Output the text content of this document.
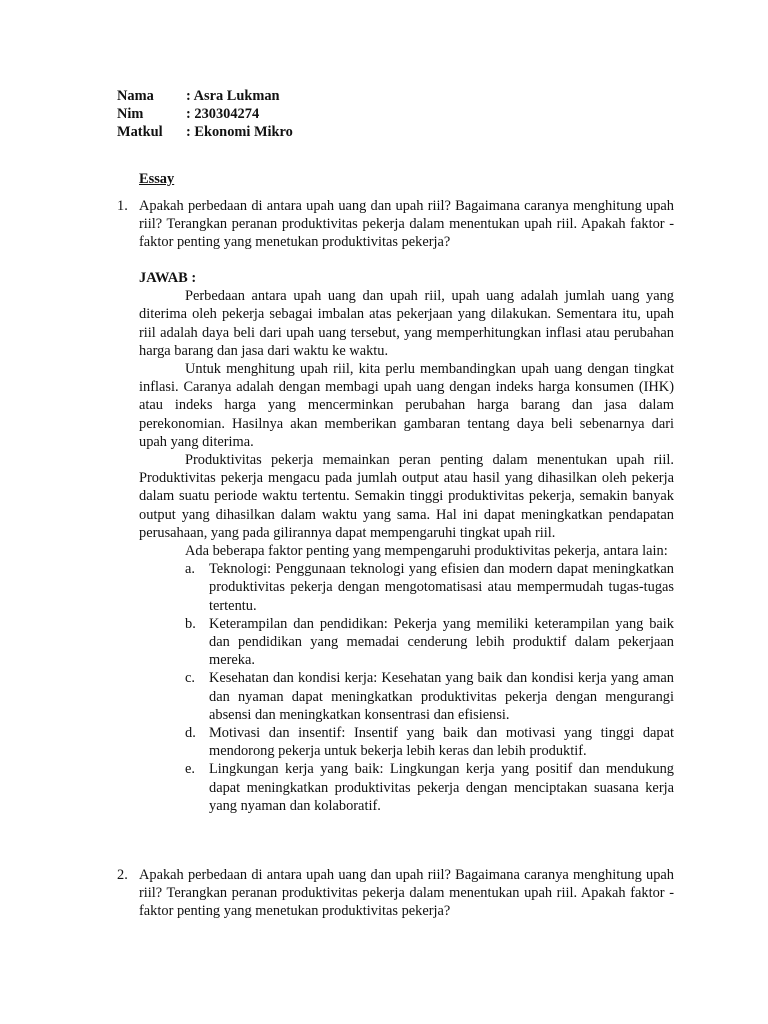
Nama	: Asra Lukman
Nim	: 230304274
Matkul	: Ekonomi Mikro
Essay
1. Apakah perbedaan di antara upah uang dan upah riil? Bagaimana caranya menghitung upah riil? Terangkan peranan produktivitas pekerja dalam menentukan upah riil. Apakah faktor - faktor penting yang menetukan produktivitas pekerja?
JAWAB :

Perbedaan antara upah uang dan upah riil, upah uang adalah jumlah uang yang diterima oleh pekerja sebagai imbalan atas pekerjaan yang dilakukan. Sementara itu, upah riil adalah daya beli dari upah uang tersebut, yang memperhitungkan inflasi atau perubahan harga barang dan jasa dari waktu ke waktu.

Untuk menghitung upah riil, kita perlu membandingkan upah uang dengan tingkat inflasi. Caranya adalah dengan membagi upah uang dengan indeks harga konsumen (IHK) atau indeks harga yang mencerminkan perubahan harga barang dan jasa dalam perekonomian. Hasilnya akan memberikan gambaran tentang daya beli sebenarnya dari upah yang diterima.

Produktivitas pekerja memainkan peran penting dalam menentukan upah riil. Produktivitas pekerja mengacu pada jumlah output atau hasil yang dihasilkan oleh pekerja dalam suatu periode waktu tertentu. Semakin tinggi produktivitas pekerja, semakin banyak output yang dihasilkan dalam waktu yang sama. Hal ini dapat meningkatkan pendapatan perusahaan, yang pada gilirannya dapat mempengaruhi tingkat upah riil.

Ada beberapa faktor penting yang mempengaruhi produktivitas pekerja, antara lain:

a. Teknologi: Penggunaan teknologi yang efisien dan modern dapat meningkatkan produktivitas pekerja dengan mengotomatisasi atau mempermudah tugas-tugas tertentu.
b. Keterampilan dan pendidikan: Pekerja yang memiliki keterampilan yang baik dan pendidikan yang memadai cenderung lebih produktif dalam pekerjaan mereka.
c. Kesehatan dan kondisi kerja: Kesehatan yang baik dan kondisi kerja yang aman dan nyaman dapat meningkatkan produktivitas pekerja dengan mengurangi absensi dan meningkatkan konsentrasi dan efisiensi.
d. Motivasi dan insentif: Insentif yang baik dan motivasi yang tinggi dapat mendorong pekerja untuk bekerja lebih keras dan lebih produktif.
e. Lingkungan kerja yang baik: Lingkungan kerja yang positif dan mendukung dapat meningkatkan produktivitas pekerja dengan menciptakan suasana kerja yang nyaman dan kolaboratif.
2. Apakah perbedaan di antara upah uang dan upah riil? Bagaimana caranya menghitung upah riil? Terangkan peranan produktivitas pekerja dalam menentukan upah riil. Apakah faktor - faktor penting yang menetukan produktivitas pekerja?
